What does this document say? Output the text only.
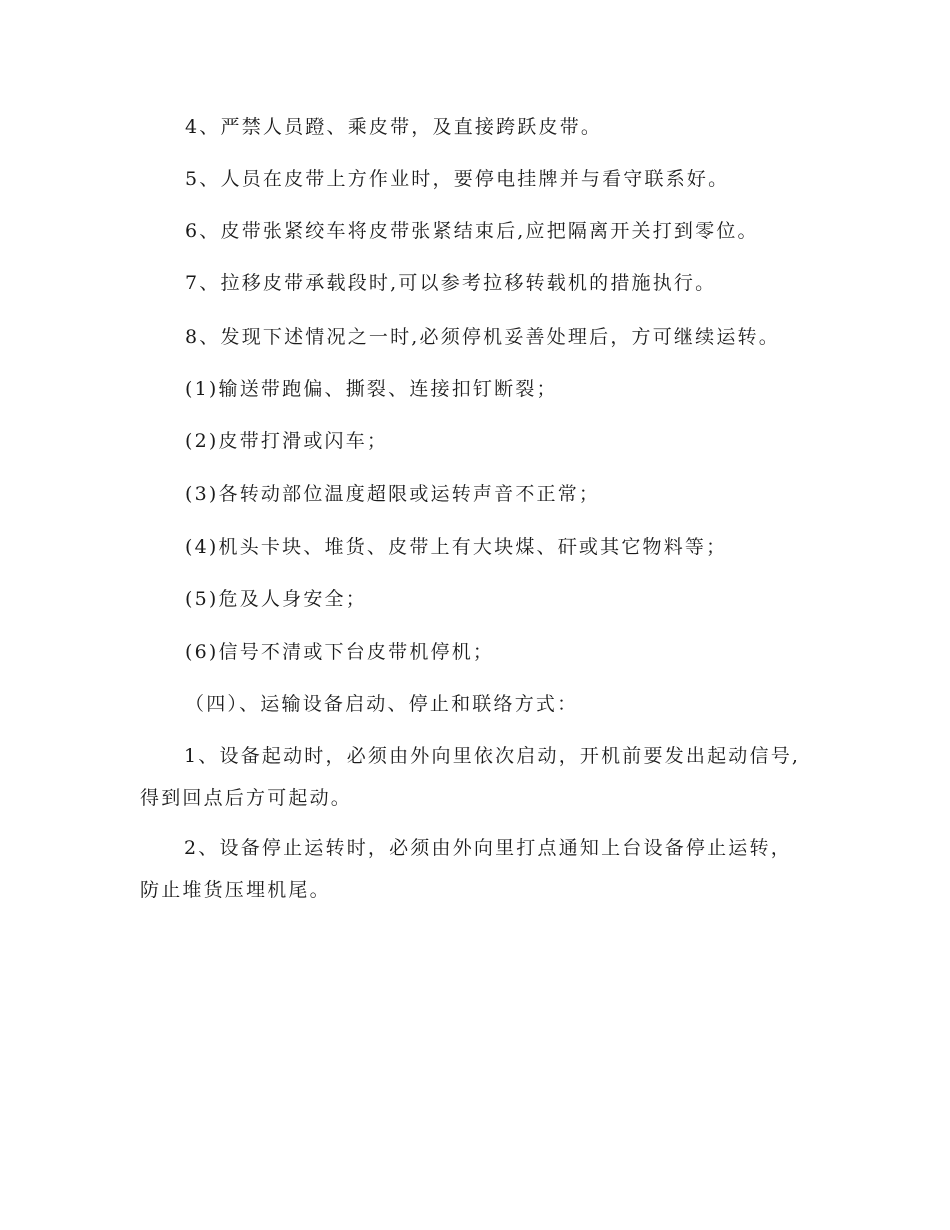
4、严禁人员蹬、乘皮带，及直接跨跃皮带。
5、人员在皮带上方作业时，要停电挂牌并与看守联系好。
6、皮带张紧绞车将皮带张紧结束后,应把隔离开关打到零位。
7、拉移皮带承载段时,可以参考拉移转载机的措施执行。
8、发现下述情况之一时,必须停机妥善处理后，方可继续运转。
(1)输送带跑偏、撕裂、连接扣钉断裂；
(2)皮带打滑或闪车；
(3)各转动部位温度超限或运转声音不正常；
(4)机头卡块、堆货、皮带上有大块煤、矸或其它物料等；
(5)危及人身安全；
(6)信号不清或下台皮带机停机；
（四）、运输设备启动、停止和联络方式：
1、设备起动时，必须由外向里依次启动，开机前要发出起动信号,得到回点后方可起动。
2、设备停止运转时，必须由外向里打点通知上台设备停止运转，防止堆货压埋机尾。
